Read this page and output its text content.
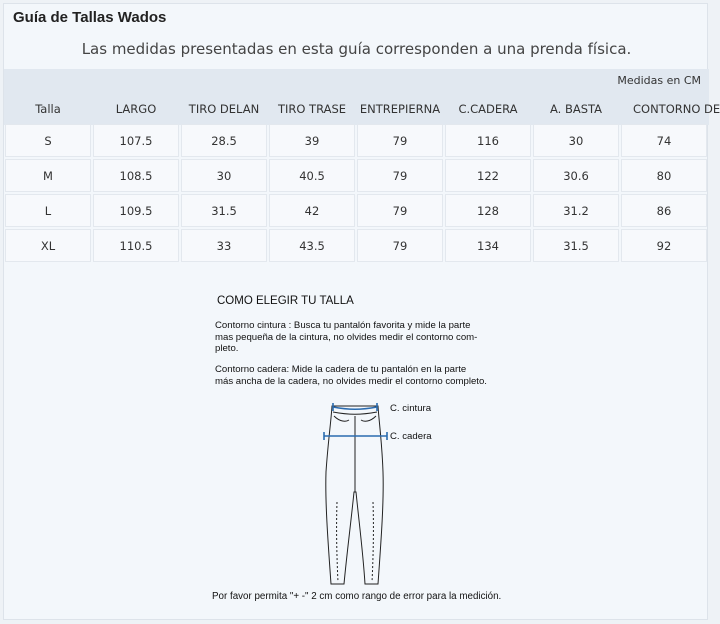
Guía de Tallas Wados
Las medidas presentadas en esta guía corresponden a una prenda física.
Medidas en CM
Talla	LARGO	TIRO DELAN	TIRO TRASE	ENTREPIERNA	C.CADERA	A. BASTA	CONTORNO DE
S	107.5	28.5	39	79	116	30	74
M	108.5	30	40.5	79	122	30.6	80
L	109.5	31.5	42	79	128	31.2	86
XL	110.5	33	43.5	79	134	31.5	92
COMO ELEGIR TU TALLA
Contorno cintura : Busca tu pantalón favorita y mide la parte
mas pequeña de la cintura, no olvides medir el contorno com-
pleto.
Contorno cadera: Mide la cadera de tu pantalón en la parte
más ancha de la cadera, no olvides medir el contorno completo.
C. cintura
C. cadera
Por favor permita "+ -" 2 cm como rango de error para la medición.
